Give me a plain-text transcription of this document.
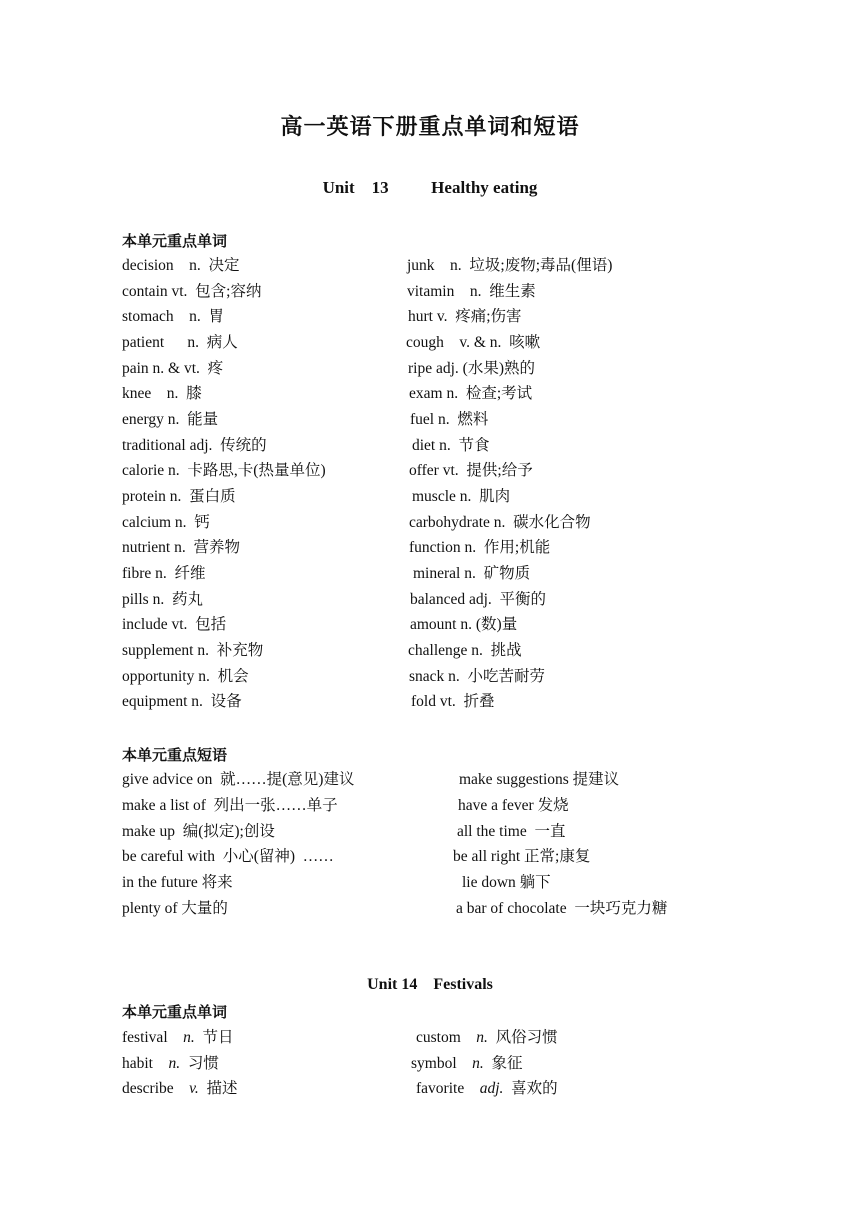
高一英语下册重点单词和短语
Unit    13          Healthy eating
本单元重点单词
decision    n.  决定	junk    n.  垃圾;废物;毒品(俚语)
contain vt.  包含;容纳	vitamin    n.  维生素
stomach    n.  胃	hurt v.  疼痛;伤害
patient      n.  病人	cough    v. & n.  咳嗽
pain n. & vt.  疼	ripe adj. (水果)熟的
knee    n.  膝	exam n.  检查;考试
energy n.  能量	fuel n.  燃料
traditional adj.  传统的	diet n.  节食
calorie n.  卡路思,卡(热量单位)	offer vt.  提供;给予
protein n.  蛋白质	muscle n.  肌肉
calcium n.  钙	carbohydrate n.  碳水化合物
nutrient n.  营养物	function n.  作用;机能
fibre n.  纤维	mineral n.  矿物质
pills n.  药丸	balanced adj.  平衡的
include vt.  包括	amount n. (数)量
supplement n.  补充物	challenge n.  挑战
opportunity n.  机会	snack n.  小吃苦耐劳
equipment n.  设备	fold vt.  折叠
本单元重点短语
give advice on  就……提(意见)建议	make suggestions 提建议
make a list of  列出一张……单子	have a fever 发烧
make up  编(拟定);创设	all the time  一直
be careful with  小心(留神)  ……	be all right 正常;康复
in the future 将来	lie down 躺下
plenty of 大量的	a bar of chocolate  一块巧克力糖
Unit 14    Festivals
本单元重点单词
festival n. 节日	custom n. 风俗习惯
habit n. 习惯	symbol n. 象征
describe v. 描述	favorite adj. 喜欢的
